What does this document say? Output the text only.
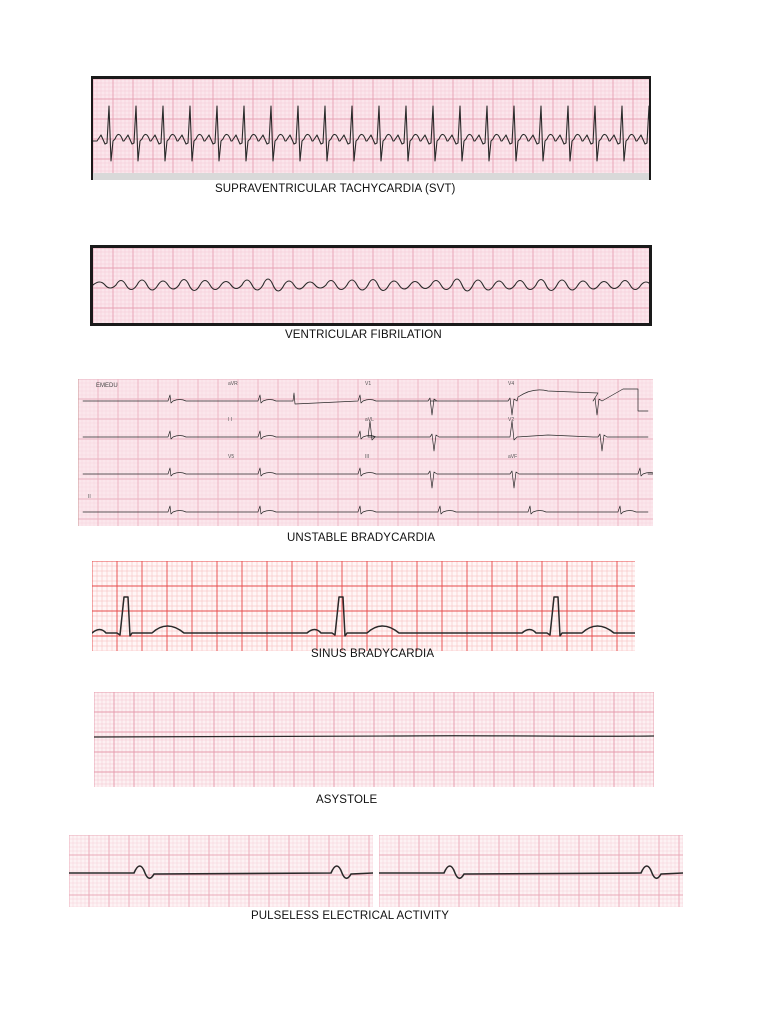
SUPRAVENTRICULAR TACHYCARDIA (SVT)
VENTRICULAR FIBRILATION
EMEDU	aVR	V1	V4
I I	aVL	V2
V5	III	aVF
II
UNSTABLE BRADYCARDIA
SINUS BRADYCARDIA
ASYSTOLE
PULSELESS ELECTRICAL ACTIVITY
